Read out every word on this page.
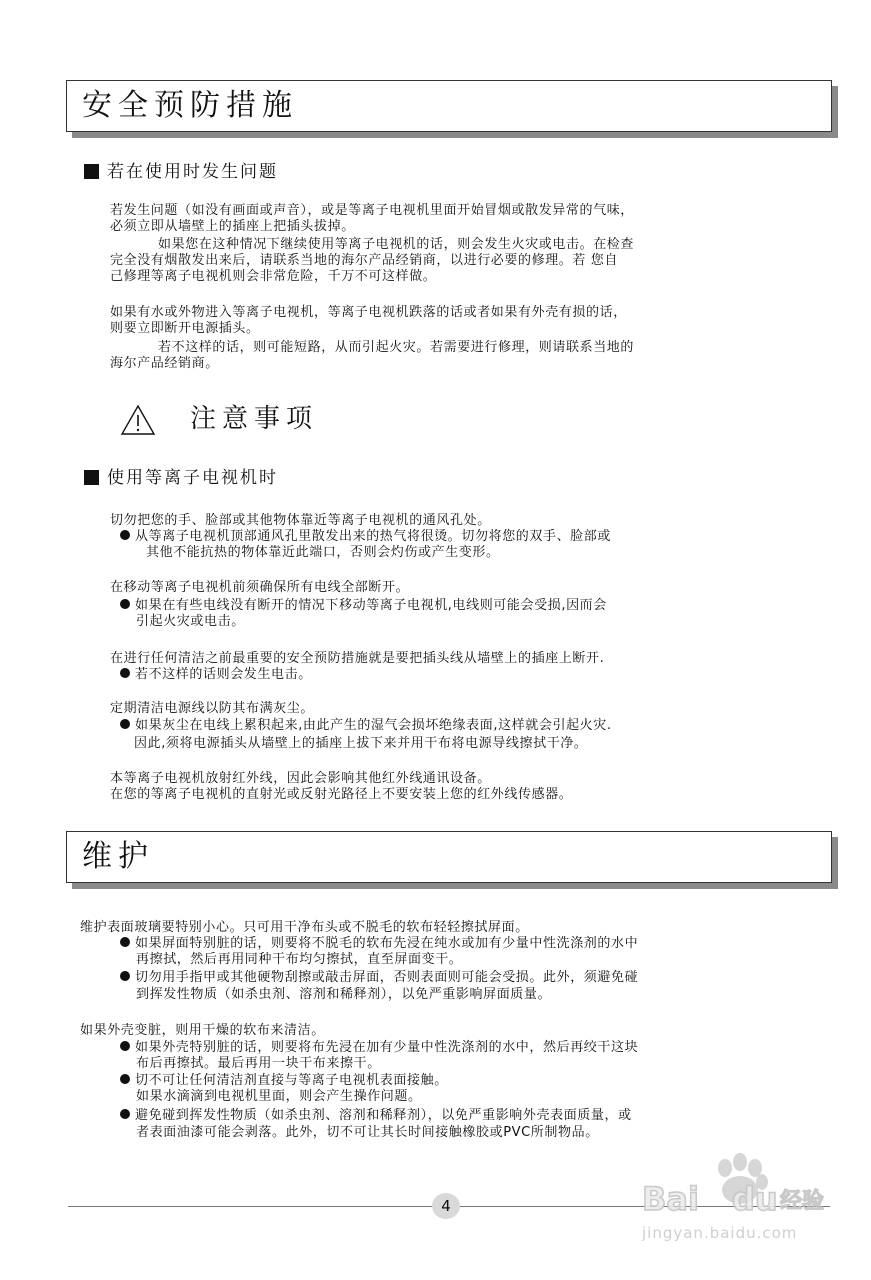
安全预防措施
若在使用时发生问题

若发生问题（如没有画面或声音），或是等离子电视机里面开始冒烟或散发异常的气味，

必须立即从墙壁上的插座上把插头拔掉。

如果您在这种情况下继续使用等离子电视机的话，则会发生火灾或电击。在检查

完全没有烟散发出来后，请联系当地的海尔产品经销商，以进行必要的修理。若 您自

己修理等离子电视机则会非常危险，千万不可这样做。

如果有水或外物进入等离子电视机，等离子电视机跌落的话或者如果有外壳有损的话，

则要立即断开电源插头。

若不这样的话，则可能短路，从而引起火灾。若需要进行修理，则请联系当地的

海尔产品经销商。

注意事项
使用等离子电视机时

切勿把您的手、脸部或其他物体靠近等离子电视机的通风孔处。

从等离子电视机顶部通风孔里散发出来的热气将很烫。切勿将您的双手、脸部或

其他不能抗热的物体靠近此端口，否则会灼伤或产生变形。

在移动等离子电视机前须确保所有电线全部断开。

如果在有些电线没有断开的情况下移动等离子电视机,电线则可能会受损,因而会

引起火灾或电击。

在进行任何清洁之前最重要的安全预防措施就是要把插头线从墙壁上的插座上断开.

若不这样的话则会发生电击。

定期清洁电源线以防其布满灰尘。

如果灰尘在电线上累积起来,由此产生的湿气会损坏绝缘表面,这样就会引起火灾.

因此,须将电源插头从墙壁上的插座上拔下来并用干布将电源导线擦拭干净。

本等离子电视机放射红外线，因此会影响其他红外线通讯设备。

在您的等离子电视机的直射光或反射光路径上不要安装上您的红外线传感器。

维护

维护表面玻璃要特别小心。只可用干净布头或不脱毛的软布轻轻擦拭屏面。

如果屏面特别脏的话，则要将不脱毛的软布先浸在纯水或加有少量中性洗涤剂的水中

再擦拭，然后再用同种干布均匀擦拭，直至屏面变干。

切勿用手指甲或其他硬物刮擦或敲击屏面，否则表面则可能会受损。此外，须避免碰

到挥发性物质（如杀虫剂、溶剂和稀释剂），以免严重影响屏面质量。

如果外壳变脏，则用干燥的软布来清洁。

如果外壳特别脏的话，则要将布先浸在加有少量中性洗涤剂的水中，然后再绞干这块

布后再擦拭。最后再用一块干布来擦干。

切不可让任何清洁剂直接与等离子电视机表面接触。

如果水滴滴到电视机里面，则会产生操作问题。

避免碰到挥发性物质（如杀虫剂、溶剂和稀释剂），以免严重影响外壳表面质量，或

者表面油漆可能会剥落。此外，切不可让其长时间接触橡胶或PVC所制物品。

4	Bai du 经验
jingyan.baidu.com
